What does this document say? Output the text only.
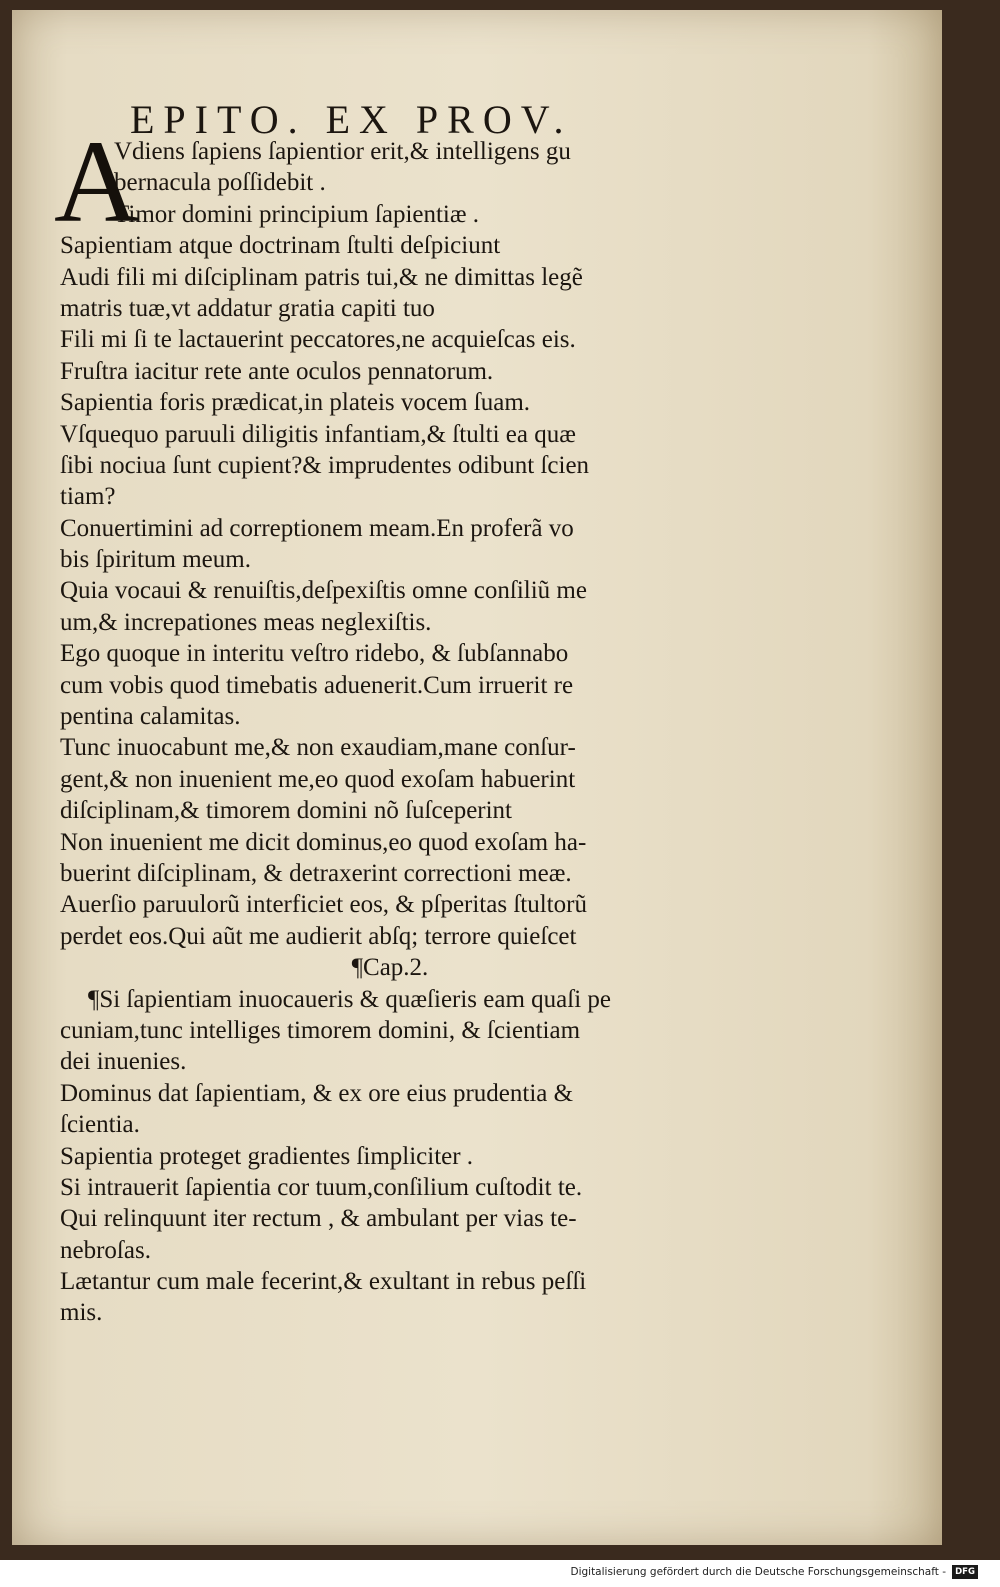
EPITO. EX PROV.
A
Vdiens ſapiens ſapientior erit,& intelligens gu
bernacula poſſidebit .
Timor domini principium ſapientiæ .
Sapientiam atque doctrinam ſtulti deſpiciunt
Audi fili mi diſciplinam patris tui,& ne dimittas legẽ
matris tuæ,vt addatur gratia capiti tuo
Fili mi ſi te lactauerint peccatores,ne acquieſcas eis.
Fruſtra iacitur rete ante oculos pennatorum.
Sapientia foris prædicat,in plateis vocem ſuam.
Vſquequo paruuli diligitis infantiam,& ſtulti ea quæ
ſibi nociua ſunt cupient?& imprudentes odibunt ſcien
tiam?
Conuertimini ad correptionem meam.En proferã vo
bis ſpiritum meum.
Quia vocaui & renuiſtis,deſpexiſtis omne conſiliũ me
um,& increpationes meas neglexiſtis.
Ego quoque in interitu veſtro ridebo, & ſubſannabo
cum vobis quod timebatis aduenerit.Cum irruerit re
pentina calamitas.
Tunc inuocabunt me,& non exaudiam,mane conſur-
gent,& non inuenient me,eo quod exoſam habuerint
diſciplinam,& timorem domini nõ ſuſceperint
Non inuenient me dicit dominus,eo quod exoſam ha-
buerint diſciplinam, & detraxerint correctioni meæ.
Auerſio paruulorũ interficiet eos, & pſperitas ſtultorũ
perdet eos.Qui aũt me audierit abſq; terrore quieſcet
¶Cap.2.
¶Si ſapientiam inuocaueris & quæſieris eam quaſi pe
cuniam,tunc intelliges timorem domini, & ſcientiam
dei inuenies.
Dominus dat ſapientiam, & ex ore eius prudentia &
ſcientia.
Sapientia proteget gradientes ſimpliciter .
Si intrauerit ſapientia cor tuum,conſilium cuſtodit te.
Qui relinquunt iter rectum , & ambulant per vias te-
nebroſas.
Lætantur cum male fecerint,& exultant in rebus peſſi
mis.
Digitalisierung gefördert durch die Deutsche Forschungsgemeinschaft -	DFG
